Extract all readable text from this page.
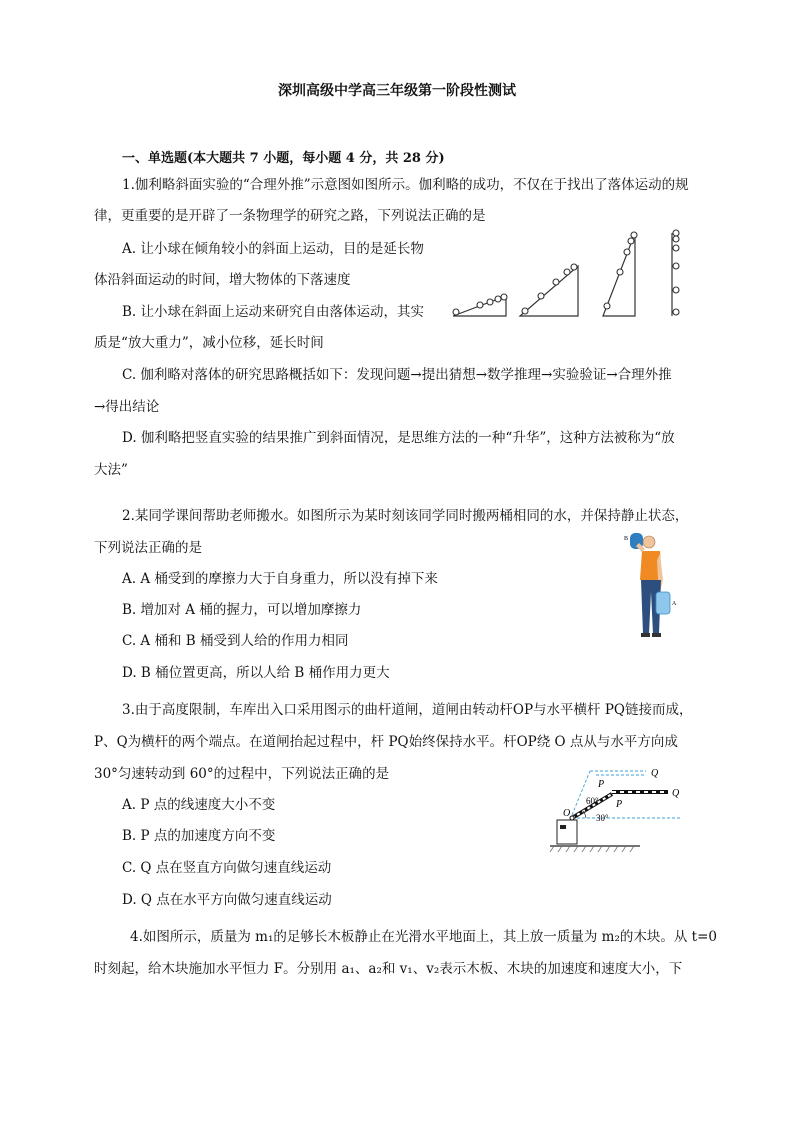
深圳高级中学高三年级第一阶段性测试
一、单选题(本大题共 7 小题，每小题 4 分，共 28 分)
1.伽利略斜面实验的“合理外推”示意图如图所示。伽利略的成功，不仅在于找出了落体运动的规
律，更重要的是开辟了一条物理学的研究之路，下列说法正确的是
A. 让小球在倾角较小的斜面上运动，目的是延长物
体沿斜面运动的时间，增大物体的下落速度
B. 让小球在斜面上运动来研究自由落体运动，其实
质是“放大重力”，减小位移，延长时间
C. 伽利略对落体的研究思路概括如下：发现问题→提出猜想→数学推理→实验验证→合理外推
→得出结论
D. 伽利略把竖直实验的结果推广到斜面情况，是思维方法的一种“升华”，这种方法被称为“放
大法”
2.某同学课间帮助老师搬水。如图所示为某时刻该同学同时搬两桶相同的水，并保持静止状态，
下列说法正确的是
A. A 桶受到的摩擦力大于自身重力，所以没有掉下来
B. 增加对 A 桶的握力，可以增加摩擦力
C. A 桶和 B 桶受到人给的作用力相同
D. B 桶位置更高，所以人给 B 桶作用力更大
B
A
3.由于高度限制，车库出入口采用图示的曲杆道闸，道闸由转动杆OP与水平横杆 PQ链接而成，
P、Q为横杆的两个端点。在道闸抬起过程中，杆 PQ始终保持水平。杆OP绕 O 点从与水平方向成
30°匀速转动到 60°的过程中，下列说法正确的是
A. P 点的线速度大小不变
B. P 点的加速度方向不变
C. Q 点在竖直方向做匀速直线运动
D. Q 点在水平方向做匀速直线运动
O
P
Q
P
Q
60°
30°
4.如图所示，质量为 m₁的足够长木板静止在光滑水平地面上，其上放一质量为 m₂的木块。从 t=0
时刻起，给木块施加水平恒力 F。分别用 a₁、a₂和 v₁、v₂表示木板、木块的加速度和速度大小，下
